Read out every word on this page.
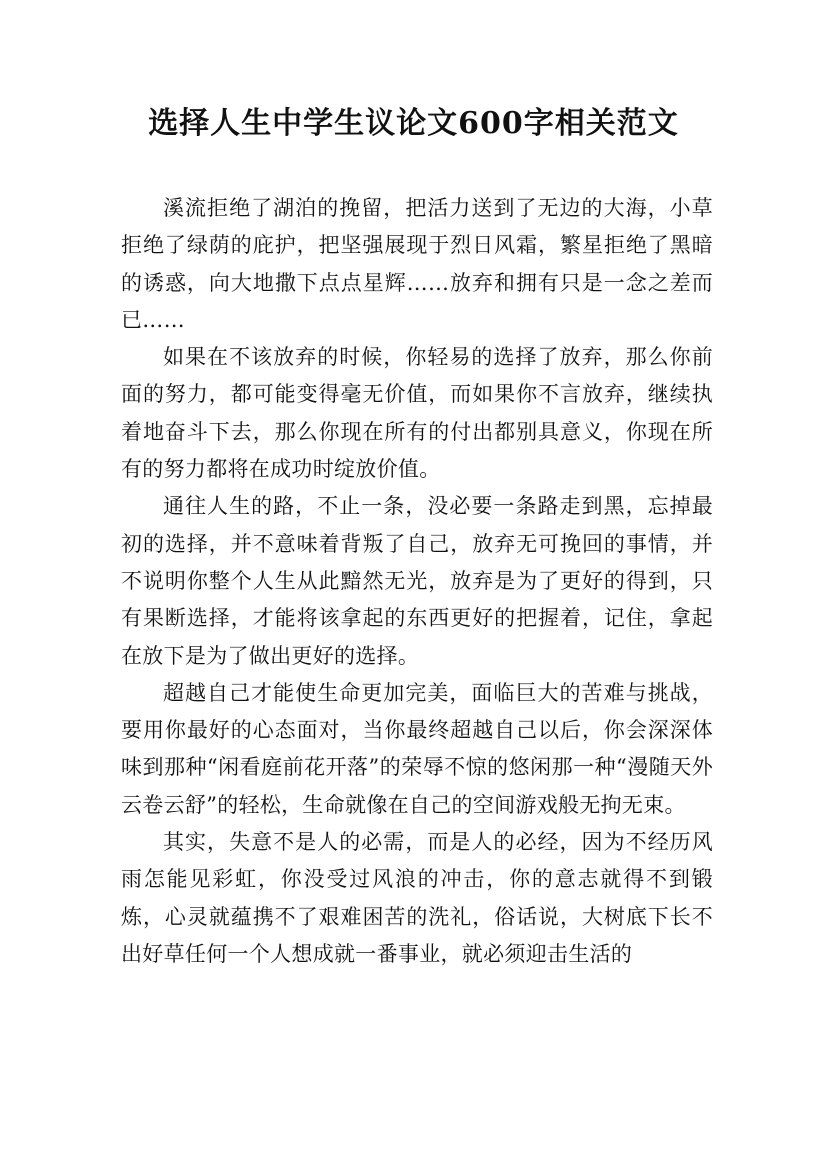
选择人生中学生议论文600字相关范文

溪流拒绝了湖泊的挽留，把活力送到了无边的大海，小草拒绝了绿荫的庇护，把坚强展现于烈日风霜，繁星拒绝了黑暗的诱惑，向大地撒下点点星辉……放弃和拥有只是一念之差而已……

如果在不该放弃的时候，你轻易的选择了放弃，那么你前面的努力，都可能变得毫无价值，而如果你不言放弃，继续执着地奋斗下去，那么你现在所有的付出都别具意义，你现在所有的努力都将在成功时绽放价值。

通往人生的路，不止一条，没必要一条路走到黑，忘掉最初的选择，并不意味着背叛了自己，放弃无可挽回的事情，并不说明你整个人生从此黯然无光，放弃是为了更好的得到，只有果断选择，才能将该拿起的东西更好的把握着，记住，拿起在放下是为了做出更好的选择。

超越自己才能使生命更加完美，面临巨大的苦难与挑战，要用你最好的心态面对，当你最终超越自己以后，你会深深体味到那种“闲看庭前花开落”的荣辱不惊的悠闲那一种“漫随天外云卷云舒”的轻松，生命就像在自己的空间游戏般无拘无束。

其实，失意不是人的必需，而是人的必经，因为不经历风雨怎能见彩虹，你没受过风浪的冲击，你的意志就得不到锻炼，心灵就蕴携不了艰难困苦的洗礼，俗话说，大树底下长不出好草任何一个人想成就一番事业，就必须迎击生活的
